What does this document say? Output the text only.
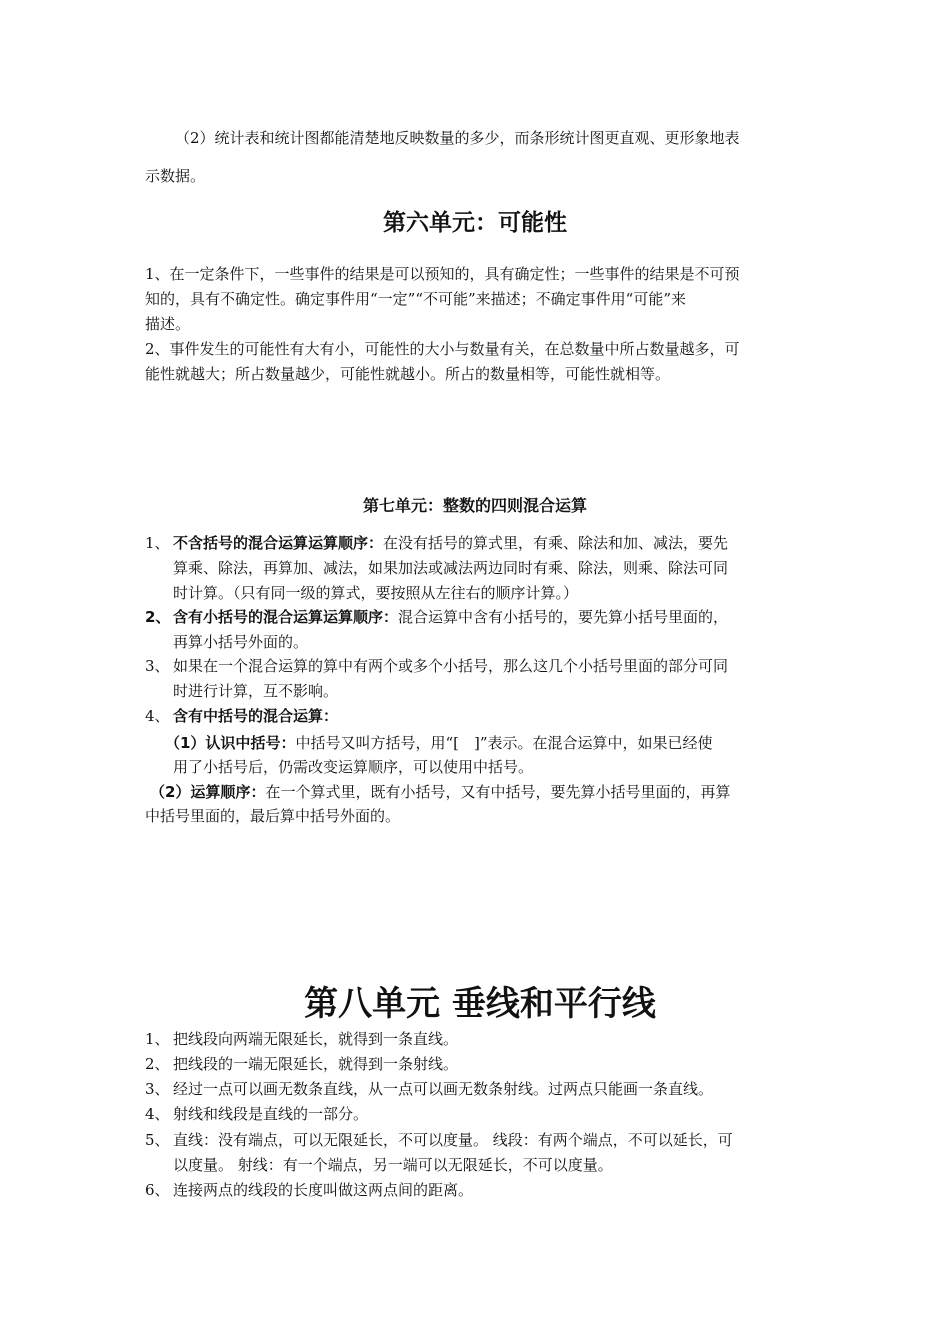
（2）统计表和统计图都能清楚地反映数量的多少，而条形统计图更直观、更形象地表
示数据。
第六单元：可能性
1、在一定条件下，一些事件的结果是可以预知的，具有确定性；一些事件的结果是不可预
知的，具有不确定性。确定事件用“一定”“不可能”来描述；不确定事件用“可能”来
描述。
2、事件发生的可能性有大有小，可能性的大小与数量有关，在总数量中所占数量越多，可
能性就越大；所占数量越少，可能性就越小。所占的数量相等，可能性就相等。
第七单元：整数的四则混合运算
1、 不含括号的混合运算运算顺序：在没有括号的算式里，有乘、除法和加、减法，要先
算乘、除法，再算加、减法，如果加法或减法两边同时有乘、除法，则乘、除法可同
时计算。（只有同一级的算式，要按照从左往右的顺序计算。）
2、 含有小括号的混合运算运算顺序：混合运算中含有小括号的，要先算小括号里面的，
再算小括号外面的。
3、 如果在一个混合运算的算中有两个或多个小括号，那么这几个小括号里面的部分可同
时进行计算，互不影响。
4、 含有中括号的混合运算：
（1）认识中括号：中括号又叫方括号，用“[　]”表示。在混合运算中，如果已经使
用了小括号后，仍需改变运算顺序，可以使用中括号。
（2）运算顺序：在一个算式里，既有小括号，又有中括号，要先算小括号里面的，再算
中括号里面的，最后算中括号外面的。
第八单元 垂线和平行线
1、 把线段向两端无限延长，就得到一条直线。
2、 把线段的一端无限延长，就得到一条射线。
3、 经过一点可以画无数条直线，从一点可以画无数条射线。过两点只能画一条直线。
4、 射线和线段是直线的一部分。
5、 直线：没有端点，可以无限延长，不可以度量。 线段：有两个端点，不可以延长，可
以度量。 射线：有一个端点，另一端可以无限延长，不可以度量。
6、 连接两点的线段的长度叫做这两点间的距离。
